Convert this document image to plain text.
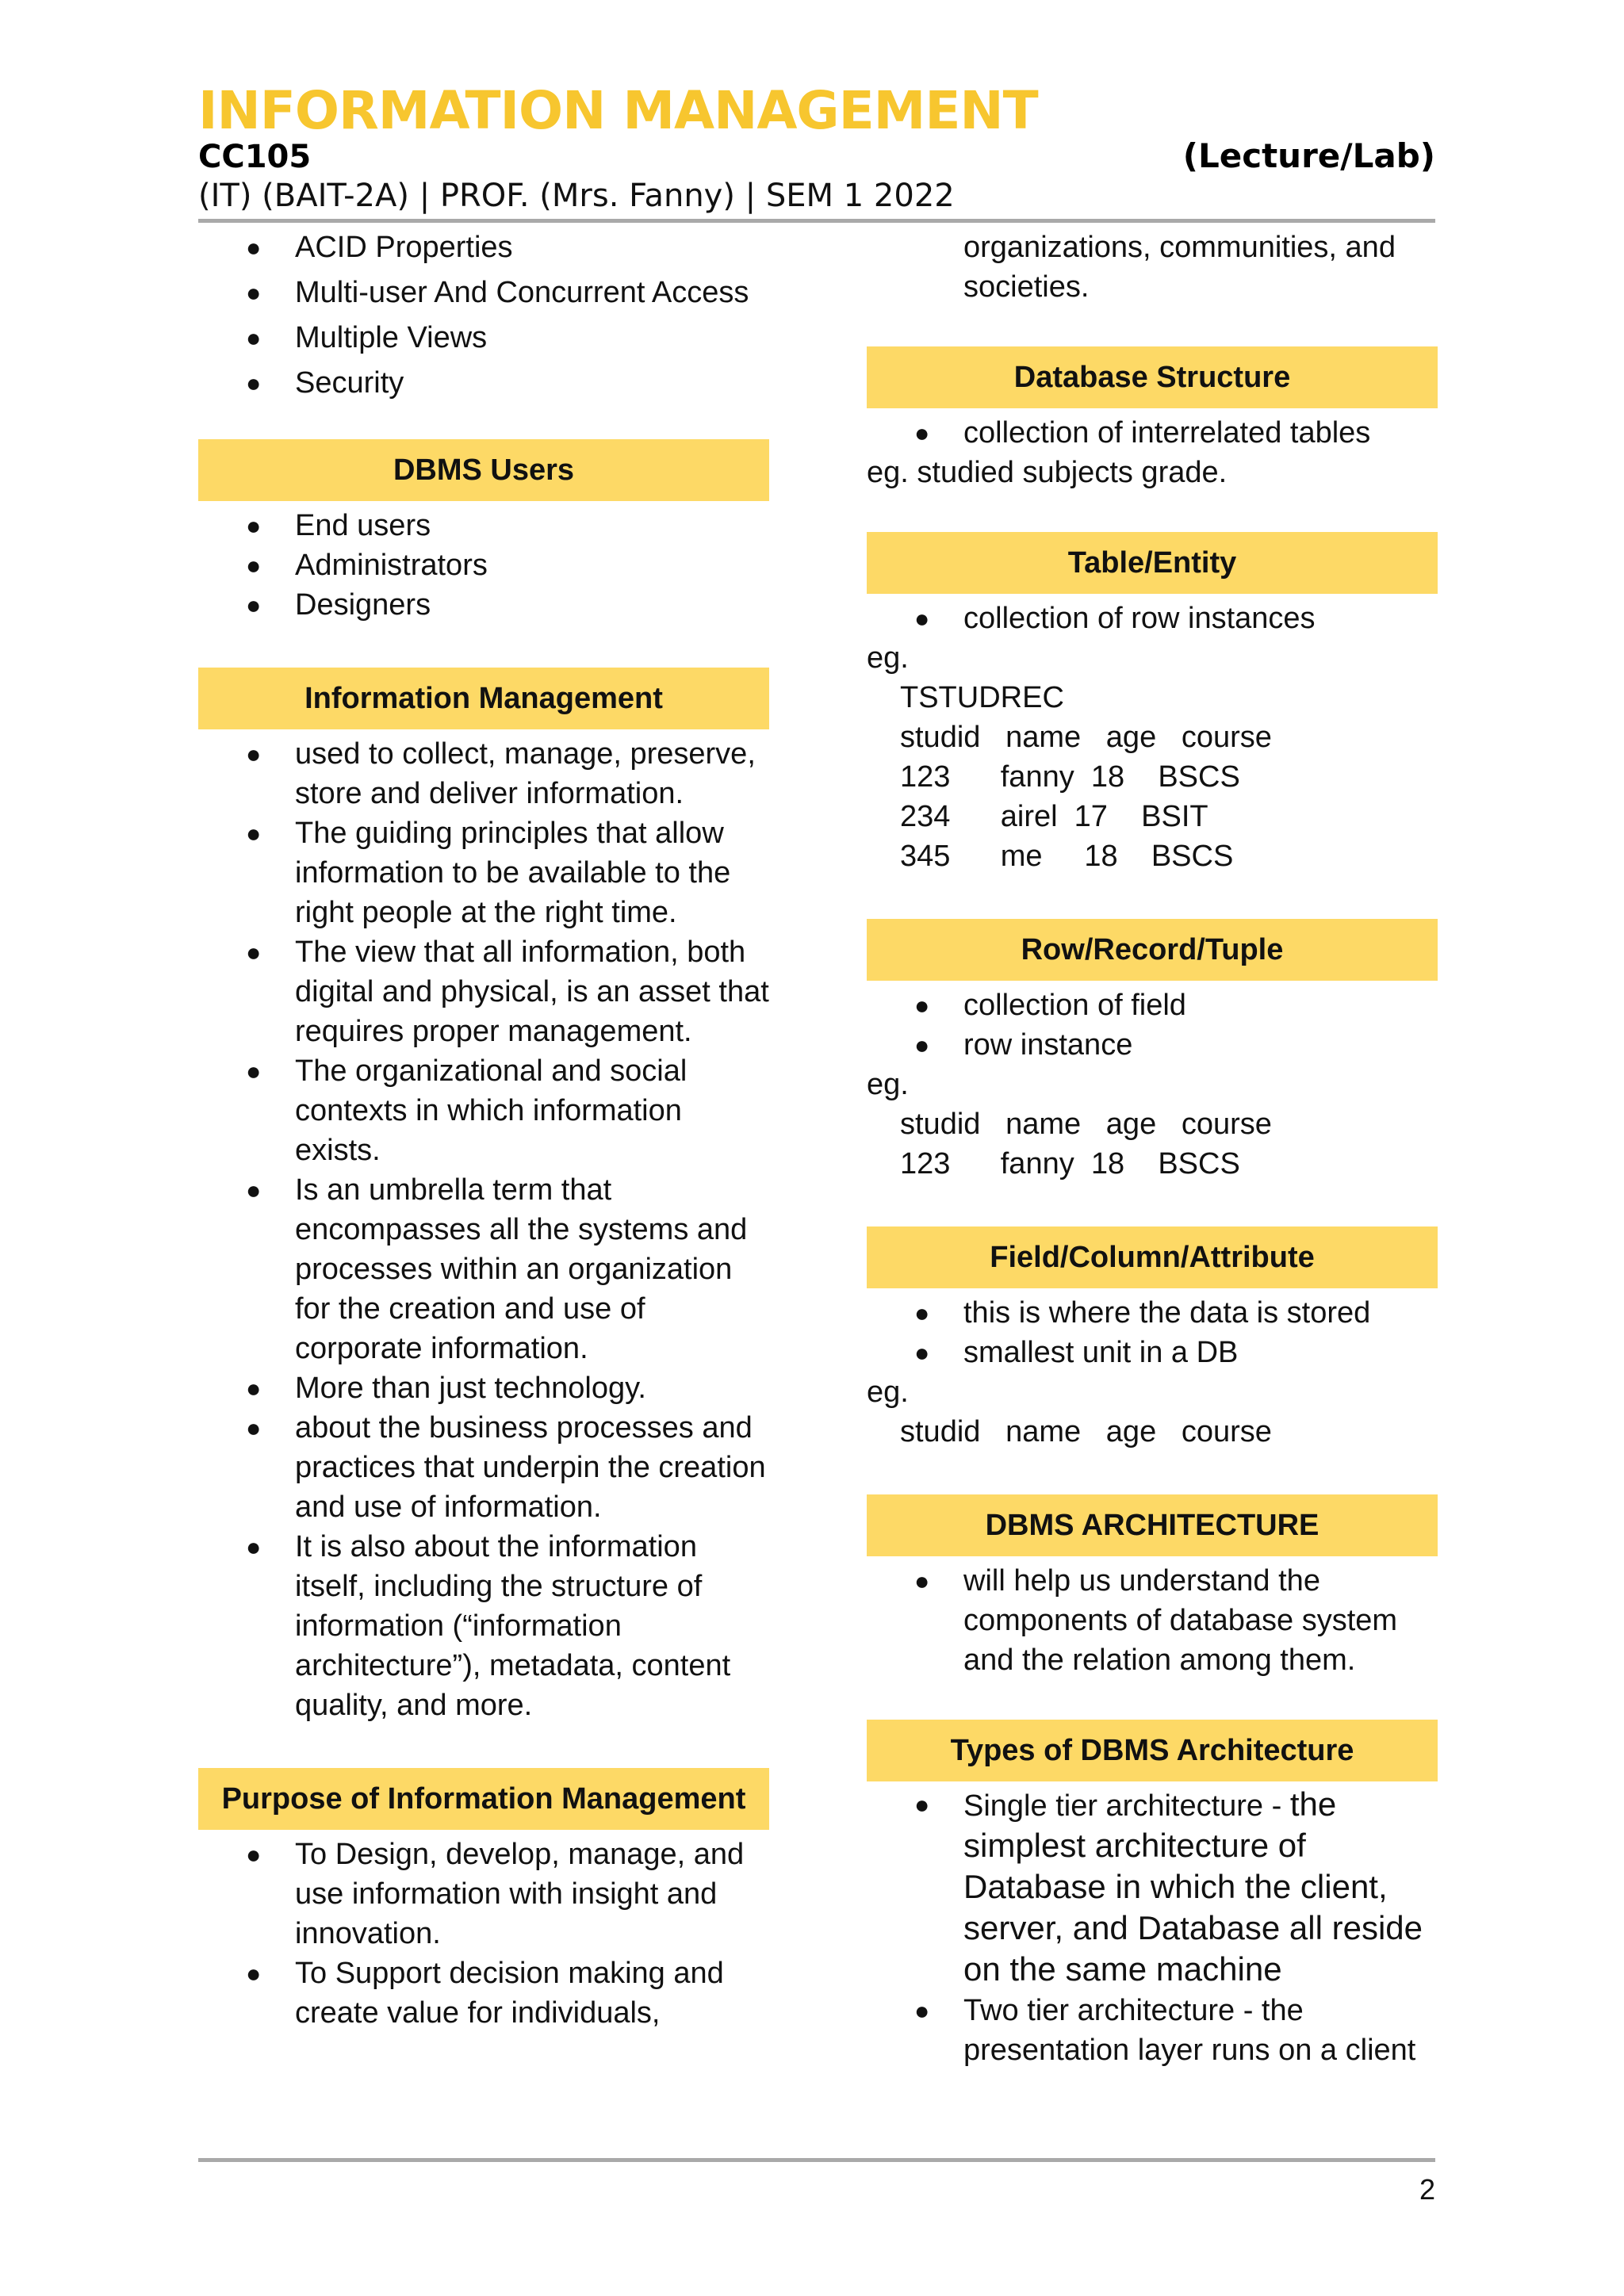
INFORMATION MANAGEMENT
CC105	(Lecture/Lab)
(IT) (BAIT-2A) | PROF. (Mrs. Fanny) | SEM 1 2022
● ACID Properties
● Multi-user And Concurrent Access
● Multiple Views
● Security
DBMS Users
● End users
● Administrators
● Designers
Information Management
● used to collect, manage, preserve, store and deliver information.
● The guiding principles that allow information to be available to the right people at the right time.
● The view that all information, both digital and physical, is an asset that requires proper management.
● The organizational and social contexts in which information exists.
● Is an umbrella term that encompasses all the systems and processes within an organization for the creation and use of corporate information.
● More than just technology.
● about the business processes and practices that underpin the creation and use of information.
● It is also about the information itself, including the structure of information (“information architecture”), metadata, content quality, and more.
Purpose of Information Management
● To Design, develop, manage, and use information with insight and innovation.
● To Support decision making and create value for individuals,
organizations, communities, and societies.
Database Structure
● collection of interrelated tables
eg. studied subjects grade.
Table/Entity
● collection of row instances
eg.
TSTUDREC
studid   name   age   course
123      fanny  18    BSCS
234      airel  17    BSIT
345      me     18    BSCS
Row/Record/Tuple
● collection of field
● row instance
eg.
studid   name   age   course
123      fanny  18    BSCS
Field/Column/Attribute
● this is where the data is stored
● smallest unit in a DB
eg.
studid   name   age   course
DBMS ARCHITECTURE
● will help us understand the components of database system and the relation among them.
Types of DBMS Architecture
● Single tier architecture - the simplest architecture of Database in which the client, server, and Database all reside on the same machine
● Two tier architecture - the presentation layer runs on a client
2
